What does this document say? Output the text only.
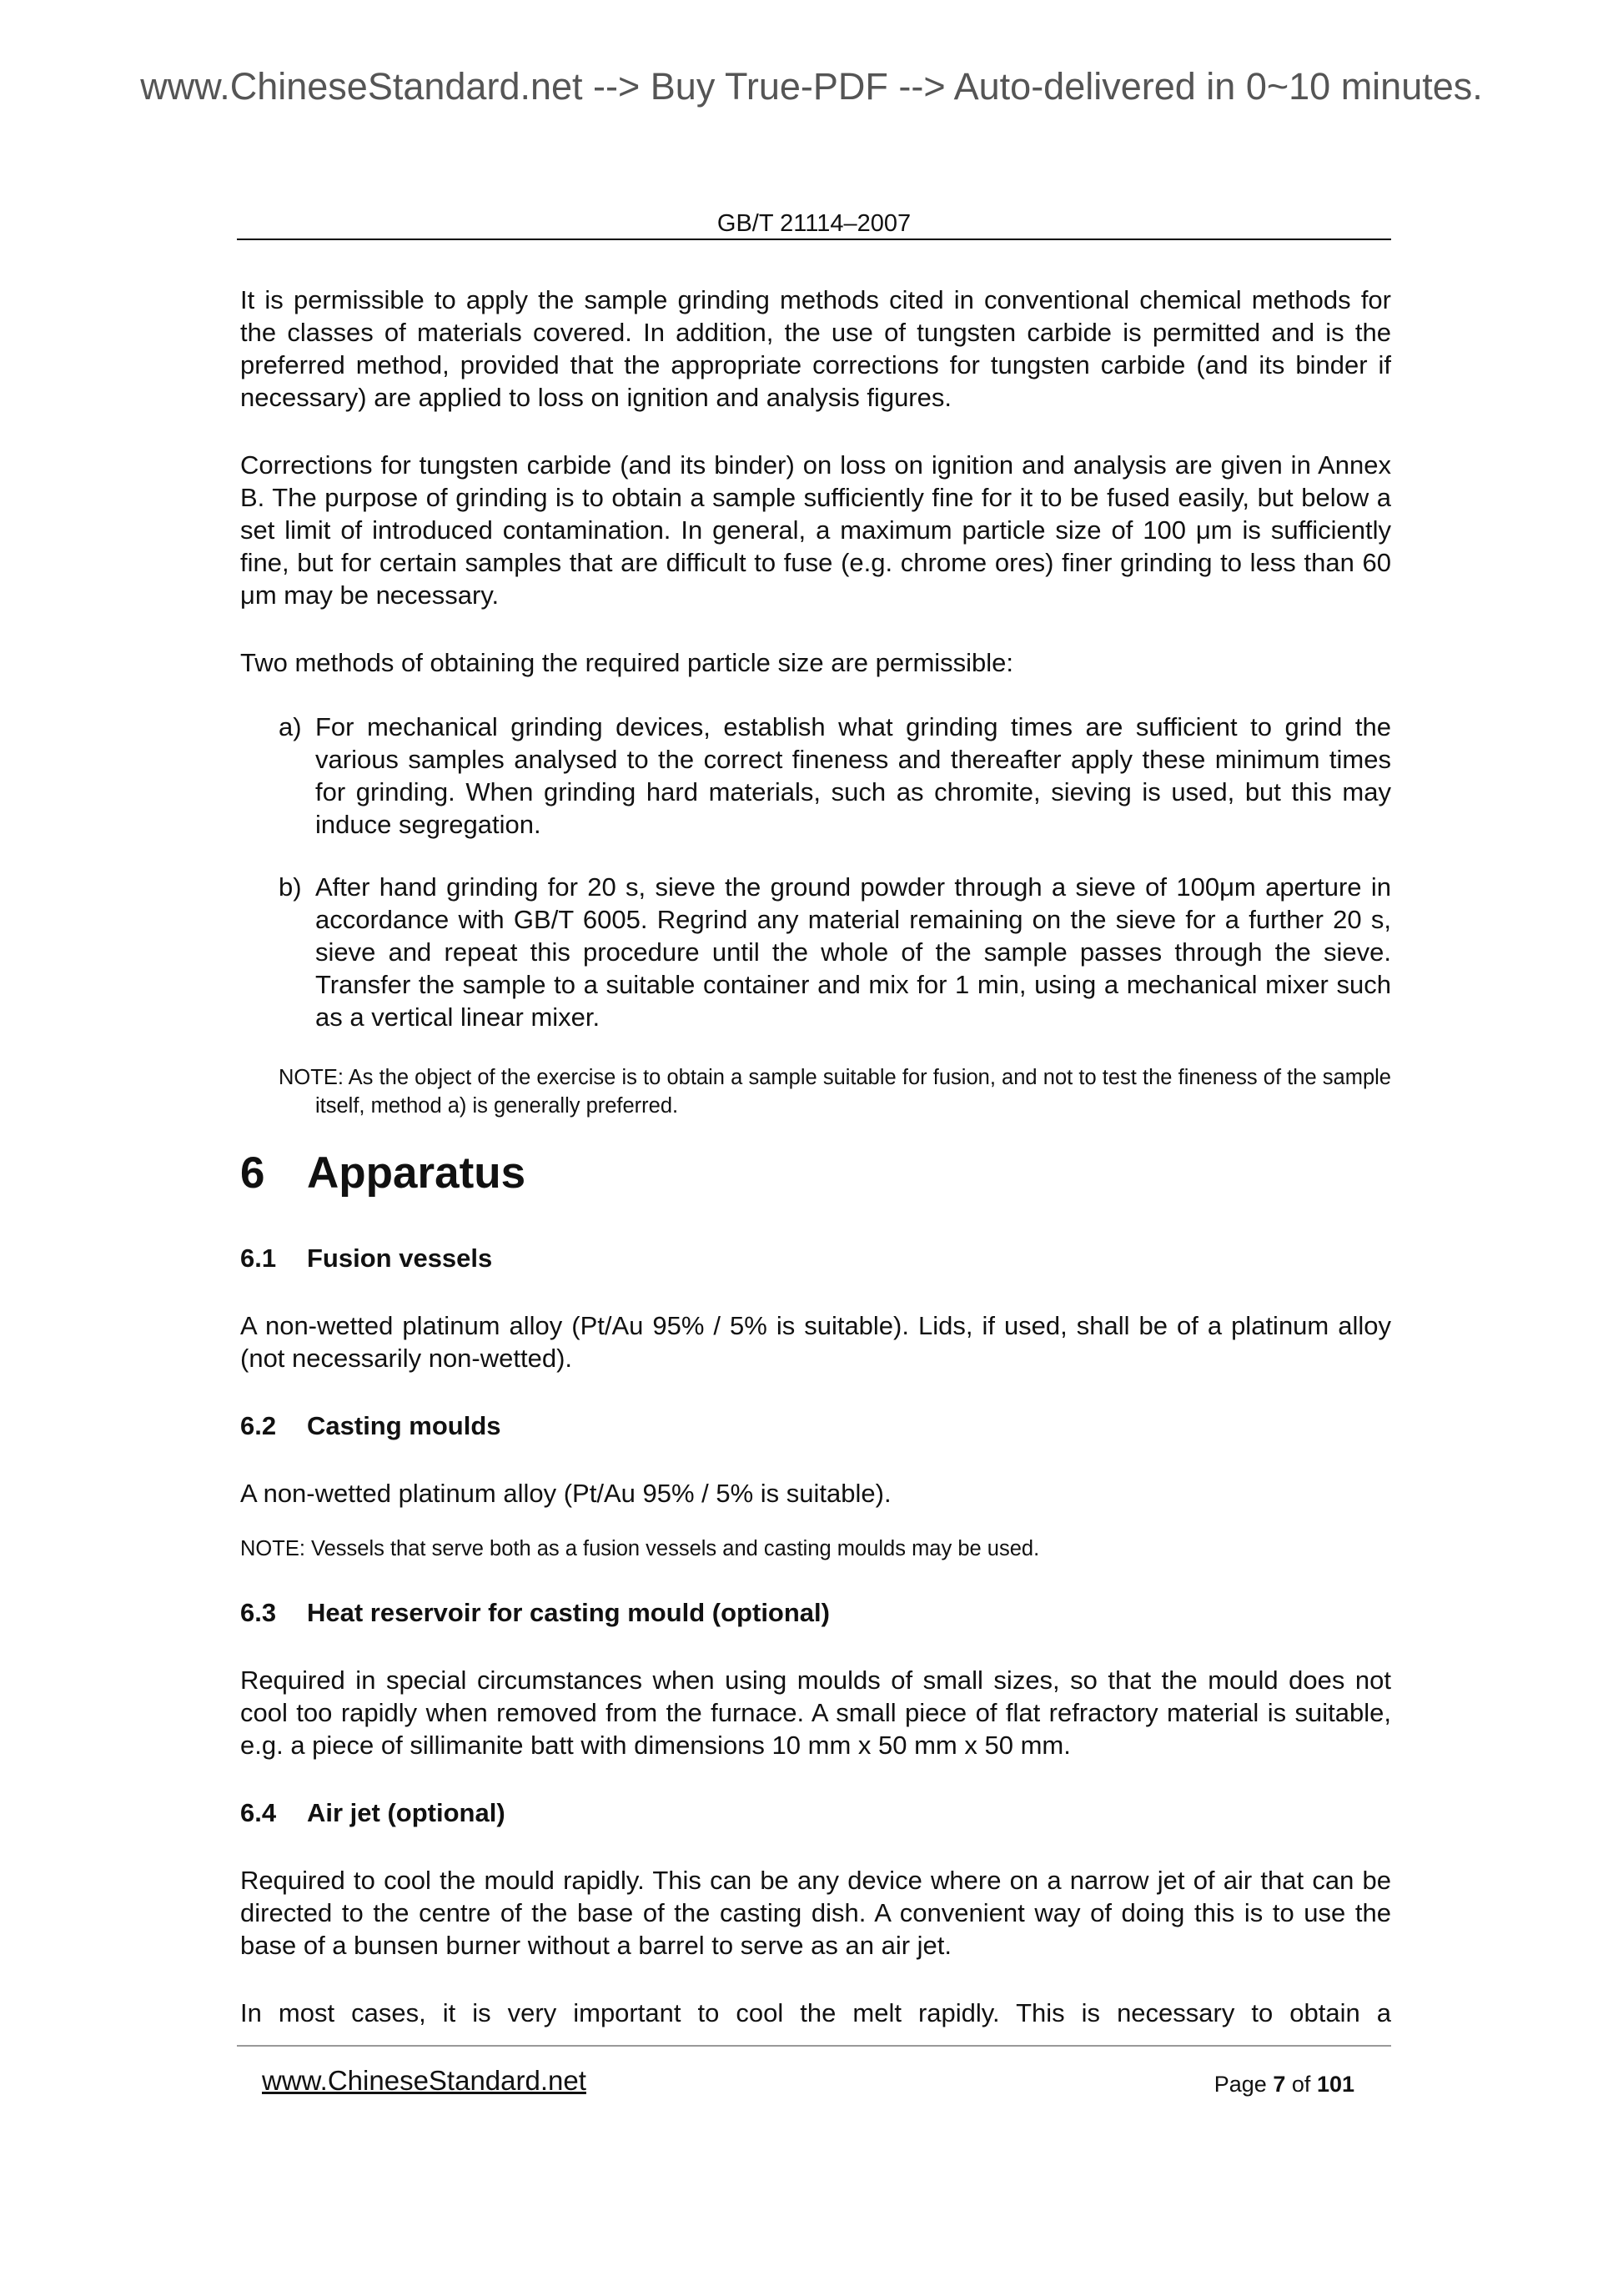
www.ChineseStandard.net --> Buy True-PDF --> Auto-delivered in 0~10 minutes.
GB/T 21114–2007

It is permissible to apply the sample grinding methods cited in conventional chemical methods for the classes of materials covered. In addition, the use of tungsten carbide is permitted and is the preferred method, provided that the appropriate corrections for tungsten carbide (and its binder if necessary) are applied to loss on ignition and analysis figures.

Corrections for tungsten carbide (and its binder) on loss on ignition and analysis are given in Annex B. The purpose of grinding is to obtain a sample sufficiently fine for it to be fused easily, but below a set limit of introduced contamination. In general, a maximum particle size of 100 μm is sufficiently fine, but for certain samples that are difficult to fuse (e.g. chrome ores) finer grinding to less than 60 μm may be necessary.

Two methods of obtaining the required particle size are permissible:

a) For mechanical grinding devices, establish what grinding times are sufficient to grind the various samples analysed to the correct fineness and thereafter apply these minimum times for grinding. When grinding hard materials, such as chromite, sieving is used, but this may induce segregation.
b) After hand grinding for 20 s, sieve the ground powder through a sieve of 100μm aperture in accordance with GB/T 6005. Regrind any material remaining on the sieve for a further 20 s, sieve and repeat this procedure until the whole of the sample passes through the sieve. Transfer the sample to a suitable container and mix for 1 min, using a mechanical mixer such as a vertical linear mixer.
NOTE: As the object of the exercise is to obtain a sample suitable for fusion, and not to test the fineness of the sample itself, method a) is generally preferred.
6 Apparatus
6.1 Fusion vessels

A non-wetted platinum alloy (Pt/Au 95% / 5% is suitable). Lids, if used, shall be of a platinum alloy (not necessarily non-wetted).

6.2 Casting moulds

A non-wetted platinum alloy (Pt/Au 95% / 5% is suitable).

NOTE: Vessels that serve both as a fusion vessels and casting moulds may be used.
6.3 Heat reservoir for casting mould (optional)

Required in special circumstances when using moulds of small sizes, so that the mould does not cool too rapidly when removed from the furnace. A small piece of flat refractory material is suitable, e.g. a piece of sillimanite batt with dimensions 10 mm x 50 mm x 50 mm.

6.4 Air jet (optional)

Required to cool the mould rapidly. This can be any device where on a narrow jet of air that can be directed to the centre of the base of the casting dish. A convenient way of doing this is to use the base of a bunsen burner without a barrel to serve as an air jet.

In most cases, it is very important to cool the melt rapidly. This is necessary to obtain a

www.ChineseStandard.net	Page 7 of 101
